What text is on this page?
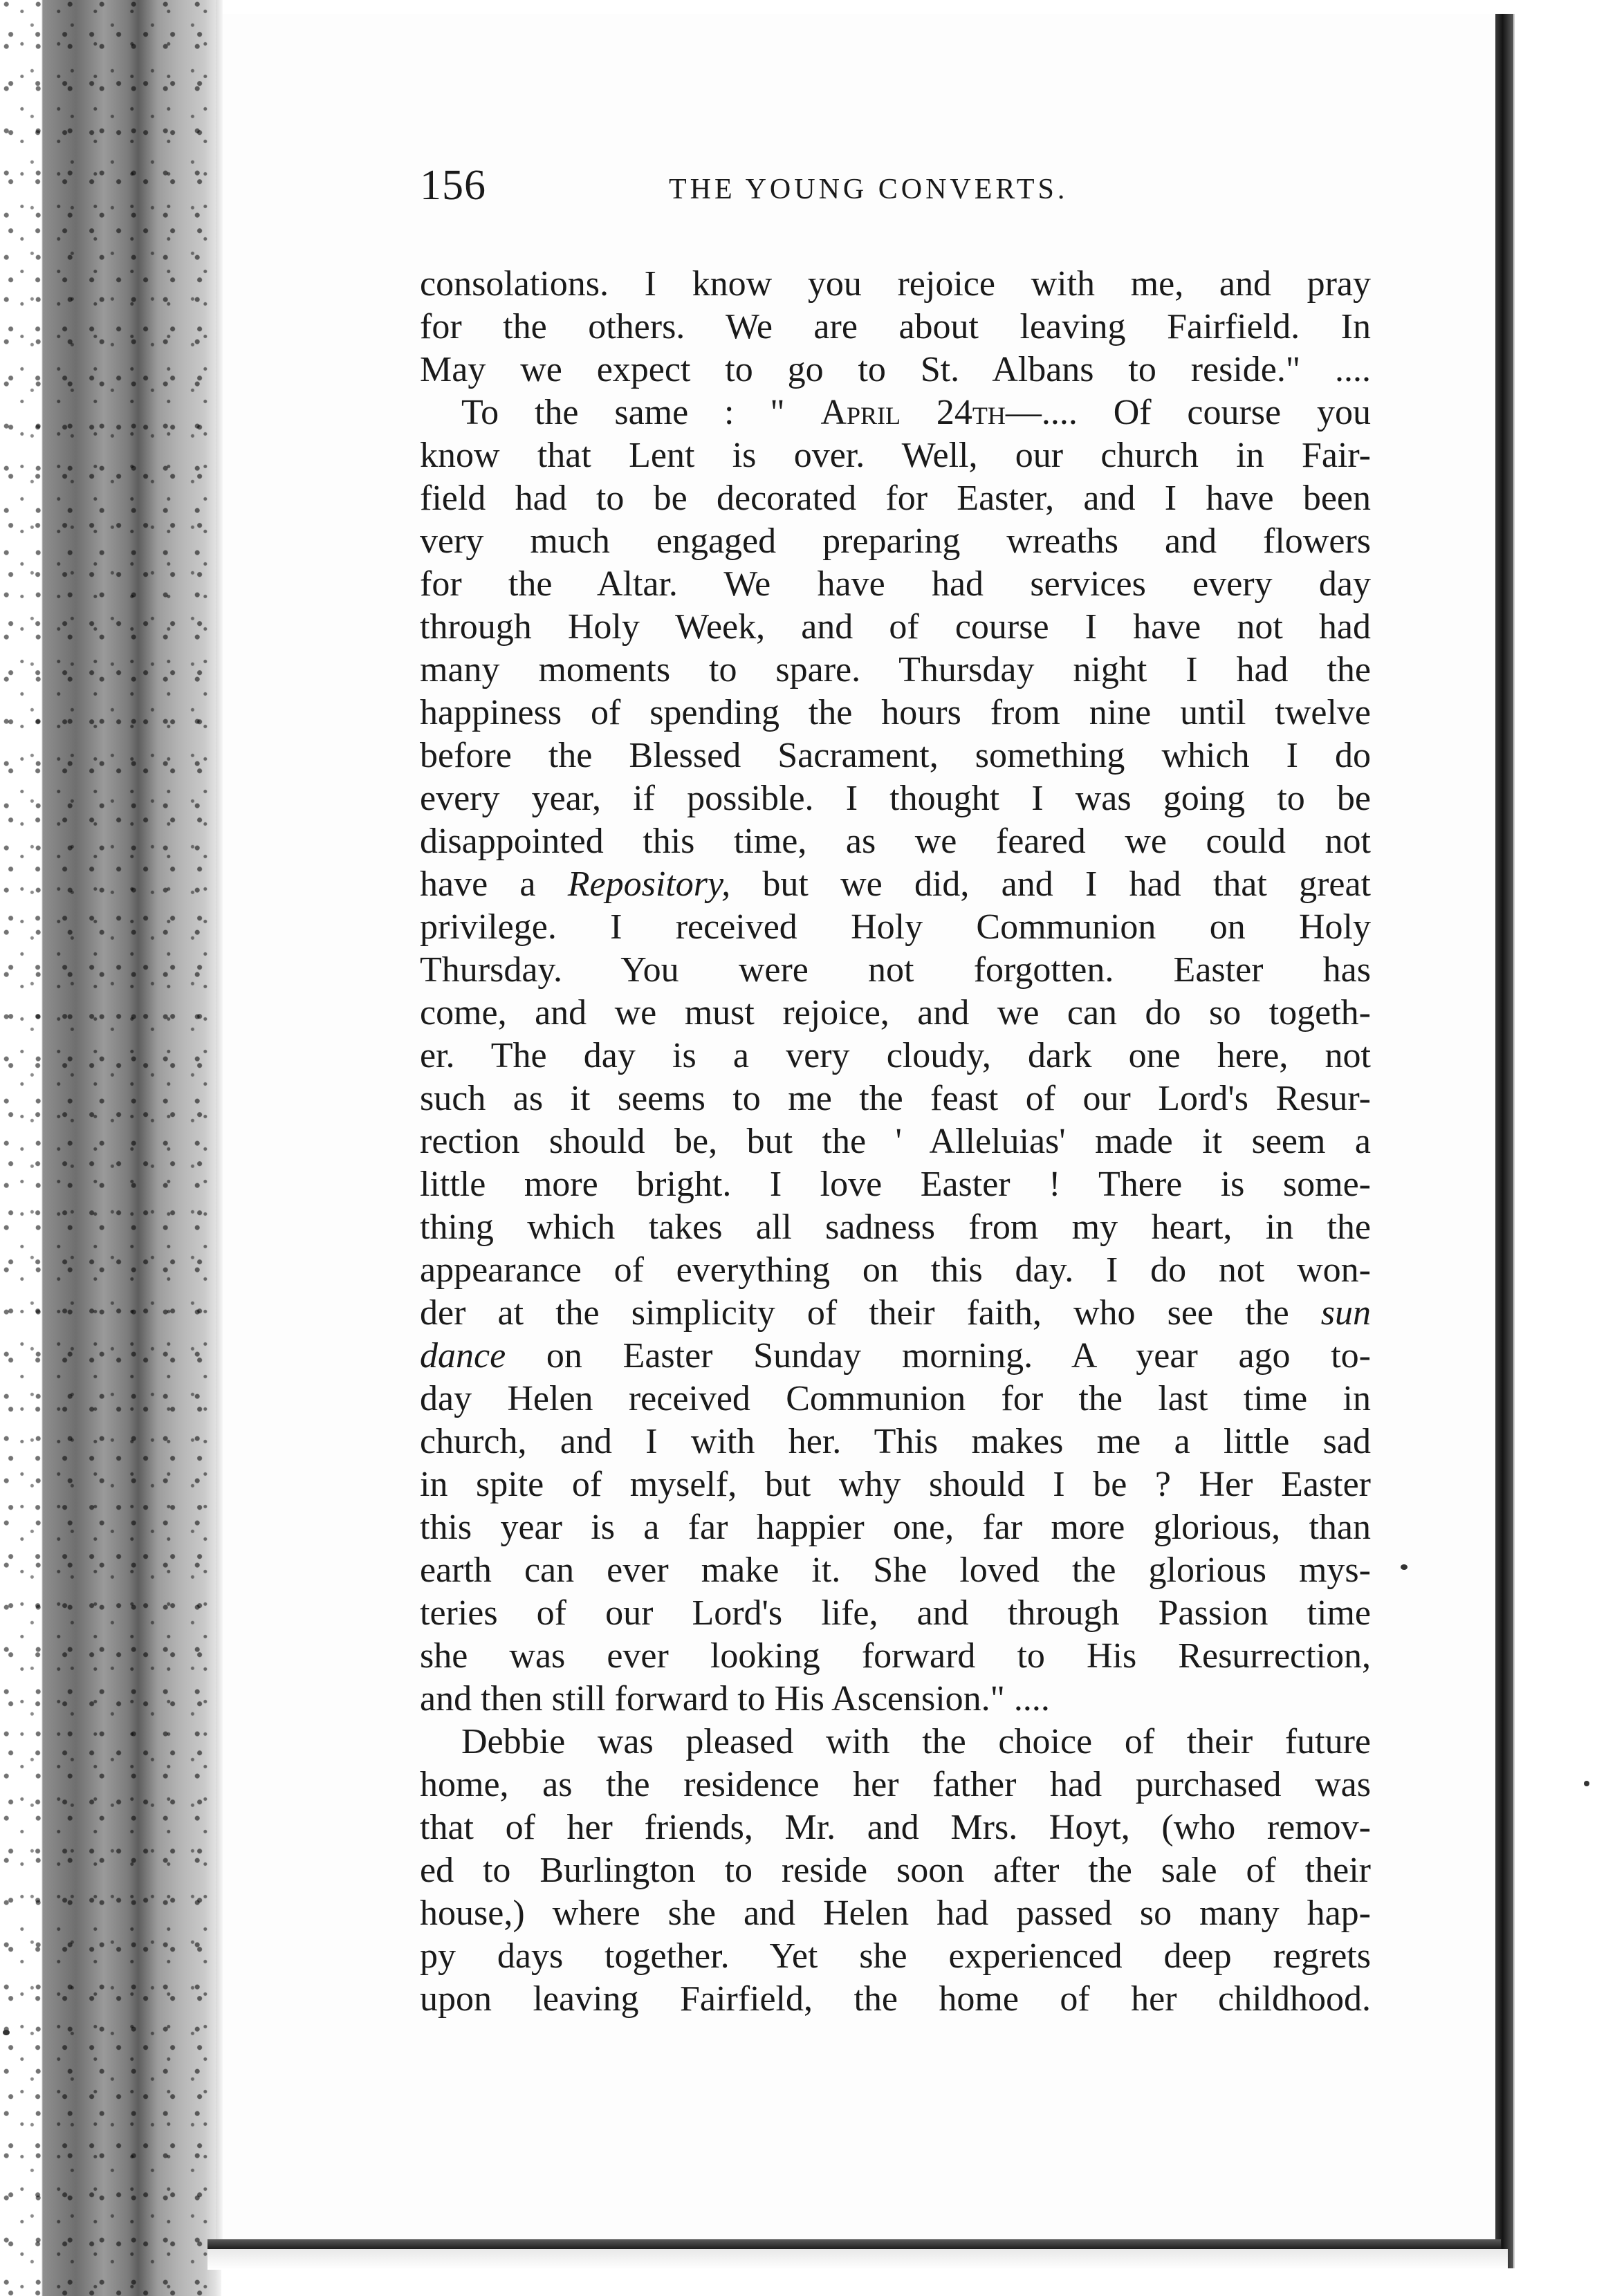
156	THE YOUNG CONVERTS.
consolations. I know you rejoice with me, and pray
for the others. We are about leaving Fairfield. In
May we expect to go to St. Albans to reside." ....
To the same : " April 24th—.... Of course you
know that Lent is over. Well, our church in Fair-
field had to be decorated for Easter, and I have been
very much engaged preparing wreaths and flowers
for the Altar. We have had services every day
through Holy Week, and of course I have not had
many moments to spare. Thursday night I had the
happiness of spending the hours from nine until twelve
before the Blessed Sacrament, something which I do
every year, if possible. I thought I was going to be
disappointed this time, as we feared we could not
have a Repository, but we did, and I had that great
privilege. I received Holy Communion on Holy
Thursday. You were not forgotten. Easter has
come, and we must rejoice, and we can do so togeth-
er. The day is a very cloudy, dark one here, not
such as it seems to me the feast of our Lord's Resur-
rection should be, but the ' Alleluias' made it seem a
little more bright. I love Easter ! There is some-
thing which takes all sadness from my heart, in the
appearance of everything on this day. I do not won-
der at the simplicity of their faith, who see the sun
dance on Easter Sunday morning. A year ago to-
day Helen received Communion for the last time in
church, and I with her. This makes me a little sad
in spite of myself, but why should I be ? Her Easter
this year is a far happier one, far more glorious, than
earth can ever make it. She loved the glorious mys-
teries of our Lord's life, and through Passion time
she was ever looking forward to His Resurrection,
and then still forward to His Ascension." ....
Debbie was pleased with the choice of their future
home, as the residence her father had purchased was
that of her friends, Mr. and Mrs. Hoyt, (who remov-
ed to Burlington to reside soon after the sale of their
house,) where she and Helen had passed so many hap-
py days together. Yet she experienced deep regrets
upon leaving Fairfield, the home of her childhood.
